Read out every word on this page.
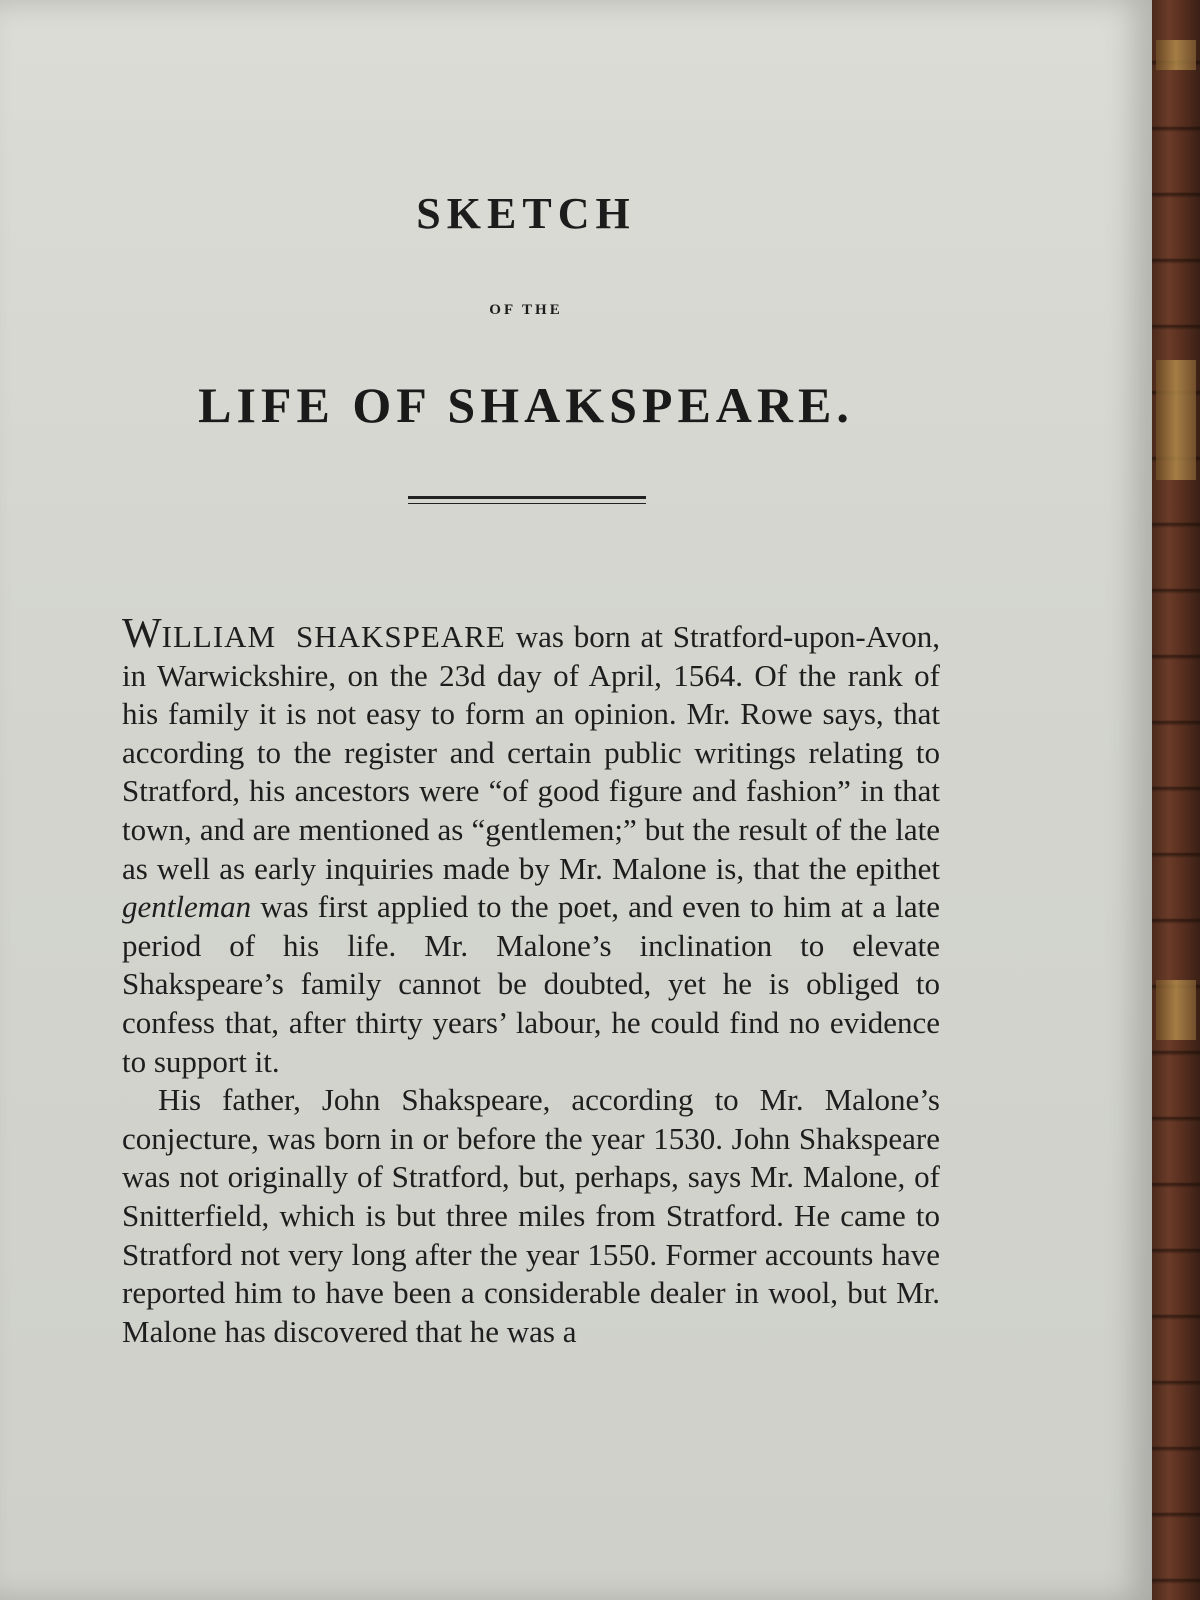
SKETCH
OF THE
LIFE OF SHAKSPEARE.

WILLIAM SHAKSPEARE was born at Stratford-upon-Avon, in Warwickshire, on the 23d day of April, 1564. Of the rank of his family it is not easy to form an opinion. Mr. Rowe says, that according to the register and certain public writings relating to Stratford, his ancestors were “of good figure and fashion” in that town, and are mentioned as “gentlemen;” but the result of the late as well as early inquiries made by Mr. Malone is, that the epithet gentleman was first applied to the poet, and even to him at a late period of his life. Mr. Malone’s inclination to elevate Shakspeare’s family cannot be doubted, yet he is obliged to confess that, after thirty years’ labour, he could find no evidence to support it.

His father, John Shakspeare, according to Mr. Malone’s conjecture, was born in or before the year 1530. John Shakspeare was not originally of Stratford, but, perhaps, says Mr. Malone, of Snitterfield, which is but three miles from Stratford. He came to Stratford not very long after the year 1550. Former accounts have reported him to have been a considerable dealer in wool, but Mr. Malone has discovered that he was a
